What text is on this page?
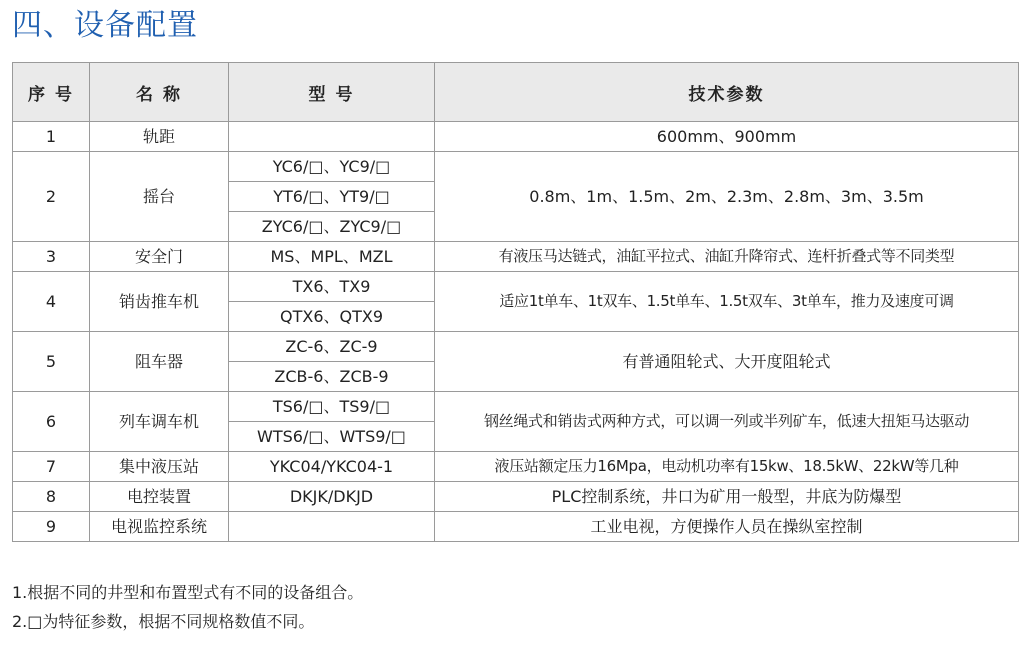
四、设备配置
序 号	名 称	型 号	技术参数
1	轨距		600mm、900mm
2	摇台	YC6/□、YC9/□	0.8m、1m、1.5m、2m、2.3m、2.8m、3m、3.5m
		YT6/□、YT9/□	
		ZYC6/□、ZYC9/□	
3	安全门	MS、MPL、MZL	有液压马达链式，油缸平拉式、油缸升降帘式、连杆折叠式等不同类型
4	销齿推车机	TX6、TX9	适应1t单车、1t双车、1.5t单车、1.5t双车、3t单车，推力及速度可调
		QTX6、QTX9	
5	阻车器	ZC-6、ZC-9	有普通阻轮式、大开度阻轮式
		ZCB-6、ZCB-9	
6	列车调车机	TS6/□、TS9/□	钢丝绳式和销齿式两种方式，可以调一列或半列矿车，低速大扭矩马达驱动
		WTS6/□、WTS9/□	
7	集中液压站	YKC04/YKC04-1	液压站额定压力16Mpa，电动机功率有15kw、18.5kW、22kW等几种
8	电控装置	DKJK/DKJD	PLC控制系统，井口为矿用一般型，井底为防爆型
9	电视监控系统		工业电视，方便操作人员在操纵室控制
1.根据不同的井型和布置型式有不同的设备组合。
2.□为特征参数，根据不同规格数值不同。
